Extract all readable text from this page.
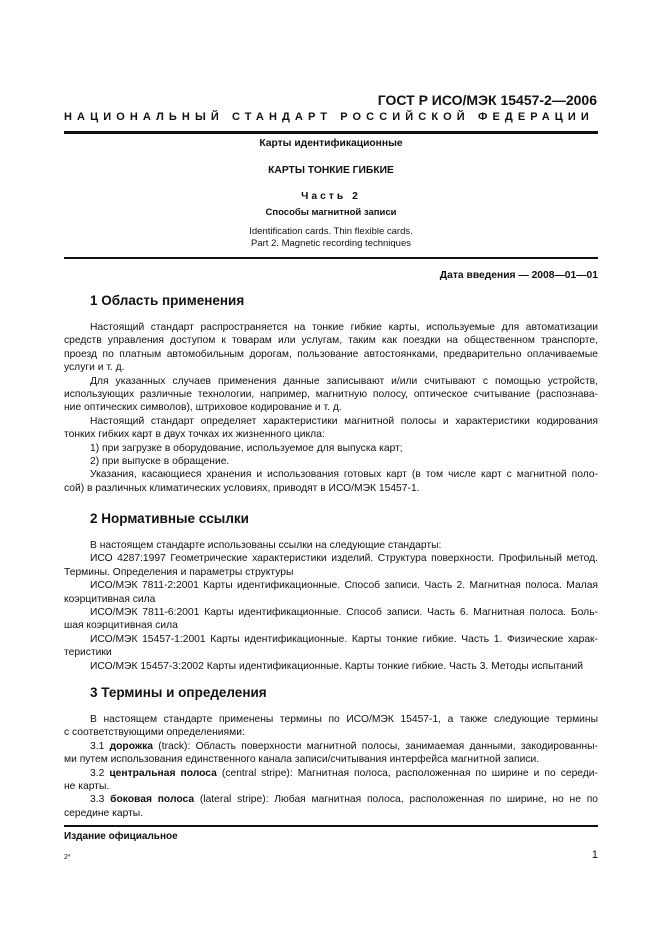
ГОСТ Р ИСО/МЭК 15457-2—2006
НАЦИОНАЛЬНЫЙ СТАНДАРТ РОССИЙСКОЙ ФЕДЕРАЦИИ
Карты идентификационные
КАРТЫ ТОНКИЕ ГИБКИЕ
Часть 2
Способы магнитной записи
Identification cards. Thin flexible cards.
Part 2. Magnetic recording techniques
Дата введения — 2008—01—01
1 Область применения
Настоящий стандарт распространяется на тонкие гибкие карты, используемые для автоматизации
средств управления доступом к товарам или услугам, таким как поездки на общественном транспорте,
проезд по платным автомобильным дорогам, пользование автостоянками, предварительно оплачиваемые
услуги и т. д.
Для указанных случаев применения данные записывают и/или считывают с помощью устройств,
использующих различные технологии, например, магнитную полосу, оптическое считывание (распознава-
ние оптических символов), штриховое кодирование и т. д.
Настоящий стандарт определяет характеристики магнитной полосы и характеристики кодирования
тонких гибких карт в двух точках их жизненного цикла:
1) при загрузке в оборудование, используемое для выпуска карт;
2) при выпуске в обращение.
Указания, касающиеся хранения и использования готовых карт (в том числе карт с магнитной поло-
сой) в различных климатических условиях, приводят в ИСО/МЭК 15457-1.
2 Нормативные ссылки
В настоящем стандарте использованы ссылки на следующие стандарты:
ИСО 4287:1997 Геометрические характеристики изделий. Структура поверхности. Профильный метод.
Термины. Определения и параметры структуры
ИСО/МЭК 7811-2:2001 Карты идентификационные. Способ записи. Часть 2. Магнитная полоса. Малая
коэрцитивная сила
ИСО/МЭК 7811-6:2001 Карты идентификационные. Способ записи. Часть 6. Магнитная полоса. Боль-
шая коэрцитивная сила
ИСО/МЭК 15457-1:2001 Карты идентификационные. Карты тонкие гибкие. Часть 1. Физические харак-
теристики
ИСО/МЭК 15457-3:2002 Карты идентификационные. Карты тонкие гибкие. Часть 3. Методы испытаний
3 Термины и определения
В настоящем стандарте применены термины по ИСО/МЭК 15457-1, а также следующие термины
с соответствующими определениями:
3.1 дорожка (track): Область поверхности магнитной полосы, занимаемая данными, закодированны-
ми путем использования единственного канала записи/считывания интерфейса магнитной записи.
3.2 центральная полоса (central stripe): Магнитная полоса, расположенная по ширине и по середи-
не карты.
3.3 боковая полоса (lateral stripe): Любая магнитная полоса, расположенная по ширине, но не по
середине карты.
Издание официальное
2*	1
